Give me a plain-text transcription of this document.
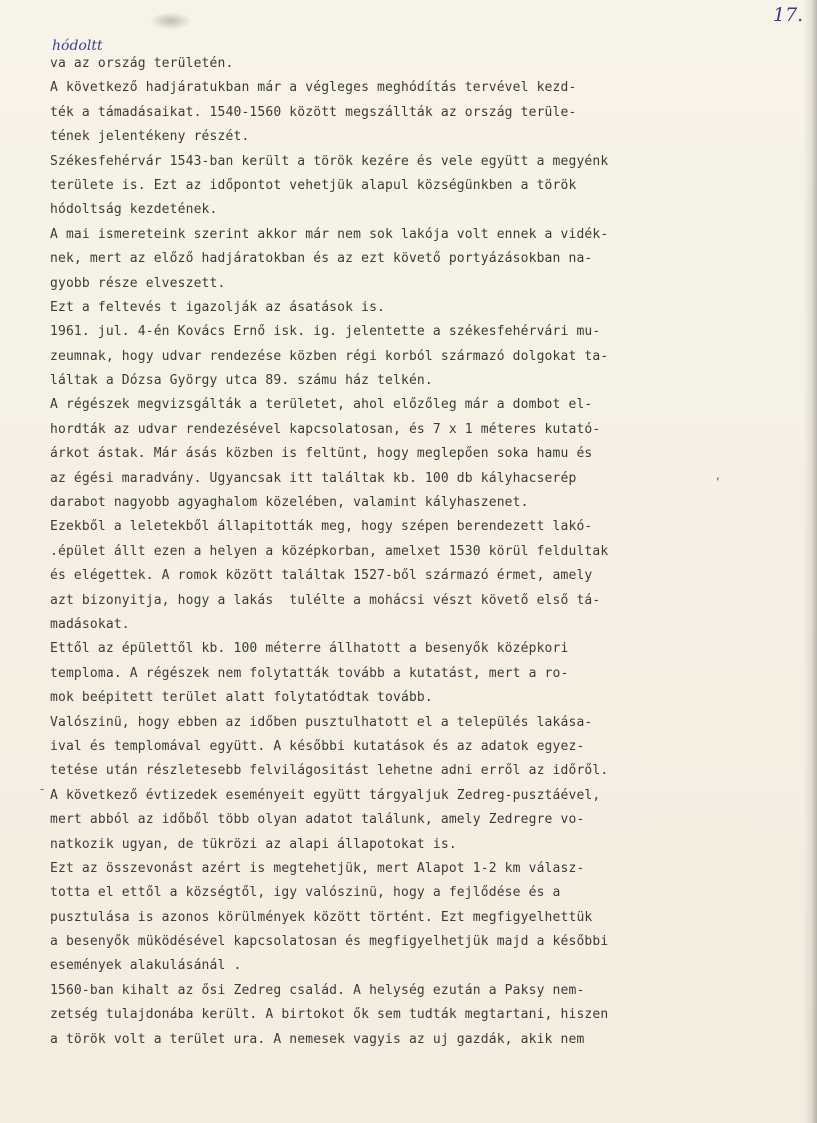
17.
hódoltt
va az ország területén.
A következő hadjáratukban már a végleges meghódítás tervével kezd-
ték a támadásaikat. 1540-1560 között megszállták az ország terüle-
tének jelentékeny részét.
Székesfehérvár 1543-ban került a török kezére és vele együtt a megyénk
területe is. Ezt az időpontot vehetjük alapul községünkben a török
hódoltság kezdetének.
A mai ismereteink szerint akkor már nem sok lakója volt ennek a vidék-
nek, mert az előző hadjáratokban és az ezt követő portyázásokban na-
gyobb része elveszett.
Ezt a feltevés t igazolják az ásatások is.
1961. jul. 4-én Kovács Ernő isk. ig. jelentette a székesfehérvári mu-
zeumnak, hogy udvar rendezése közben régi korból származó dolgokat ta-
láltak a Dózsa György utca 89. számu ház telkén.
A régészek megvizsgálták a területet, ahol előzőleg már a dombot el-
hordták az udvar rendezésével kapcsolatosan, és 7 x 1 méteres kutató-
árkot ástak. Már ásás közben is feltünt, hogy meglepően soka hamu és
az égési maradvány. Ugyancsak itt találtak kb. 100 db kályhacserép
darabot nagyobb agyaghalom közelében, valamint kályhaszenet.
Ezekből a leletekből állapitották meg, hogy szépen berendezett lakó-
.épület állt ezen a helyen a középkorban, amelxet 1530 körül feldultak
és elégettek. A romok között találtak 1527-ből származó érmet, amely
azt bizonyitja, hogy a lakás  tulélte a mohácsi vészt követő első tá-
madásokat.
Ettől az épülettől kb. 100 méterre állhatott a besenyők középkori
temploma. A régészek nem folytatták tovább a kutatást, mert a ro-
mok beépitett terület alatt folytatódtak tovább.
Valószinü, hogy ebben az időben pusztulhatott el a település lakása-
ival és templomával együtt. A későbbi kutatások és az adatok egyez-
tetése után részletesebb felvilágositást lehetne adni erről az időről.
A következő évtizedek eseményeit együtt tárgyaljuk Zedreg-pusztáével,
mert abból az időből több olyan adatot találunk, amely Zedregre vo-
natkozik ugyan, de tükrözi az alapi állapotokat is.
Ezt az összevonást azért is megtehetjük, mert Alapot 1-2 km válasz-
totta el ettől a községtől, igy valószinü, hogy a fejlődése és a
pusztulása is azonos körülmények között történt. Ezt megfigyelhettük
a besenyők müködésével kapcsolatosan és megfigyelhetjük majd a későbbi
események alakulásánál .
1560-ban kihalt az ősi Zedreg család. A helység ezután a Paksy nem-
zetség tulajdonába került. A birtokot ők sem tudták megtartani, hiszen
a török volt a terület ura. A nemesek vagyis az uj gazdák, akik nem
,
-
